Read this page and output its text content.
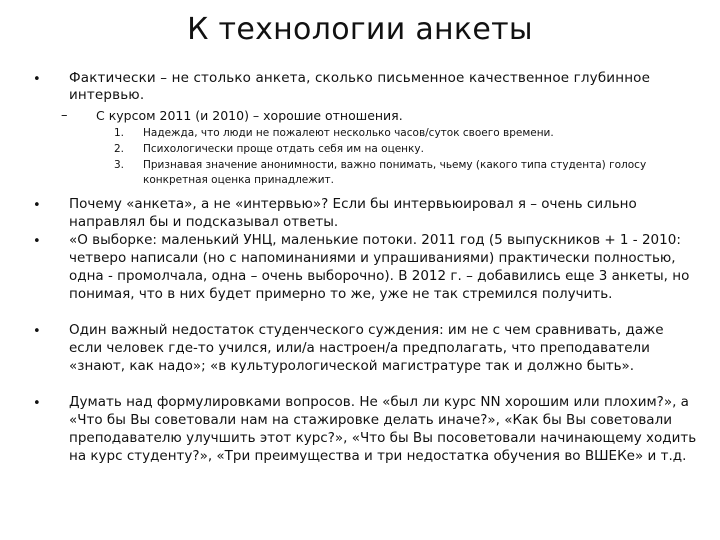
К технологии анкеты
• Фактически – не столько анкета, сколько письменное качественное глубинное интервью.

– С курсом 2011 (и 2010) – хорошие отношения.

1.	Надежда, что люди не пожалеют несколько часов/суток своего времени.

2.	Психологически проще отдать себя им на оценку.

3.	Признавая значение анонимности, важно понимать, чьему (какого типа студента) голосу конкретная оценка принадлежит.

• Почему «анкета», а не «интервью»? Если бы интервьюировал я – очень сильно направлял бы и подсказывал ответы.

• «О выборке: маленький УНЦ, маленькие потоки. 2011 год (5 выпускников + 1 - 2010: четверо написали (но с напоминаниями и упрашиваниями) практически полностью, одна - промолчала, одна – очень выборочно). В 2012 г. – добавились еще 3 анкеты, но понимая, что в них будет примерно то же, уже не так стремился получить.

• Один важный недостаток студенческого суждения: им не с чем сравнивать, даже если человек где-то учился, или/а настроен/а предполагать, что преподаватели «знают, как надо»; «в культурологической магистратуре так и должно быть».

• Думать над формулировками вопросов. Не «был ли курс NN хорошим или плохим?», а «Что бы Вы советовали нам на стажировке делать иначе?», «Как бы Вы советовали преподавателю улучшить этот курс?», «Что бы Вы посоветовали начинающему ходить на курс студенту?», «Три преимущества и три недостатка обучения во ВШЕКе» и т.д.
